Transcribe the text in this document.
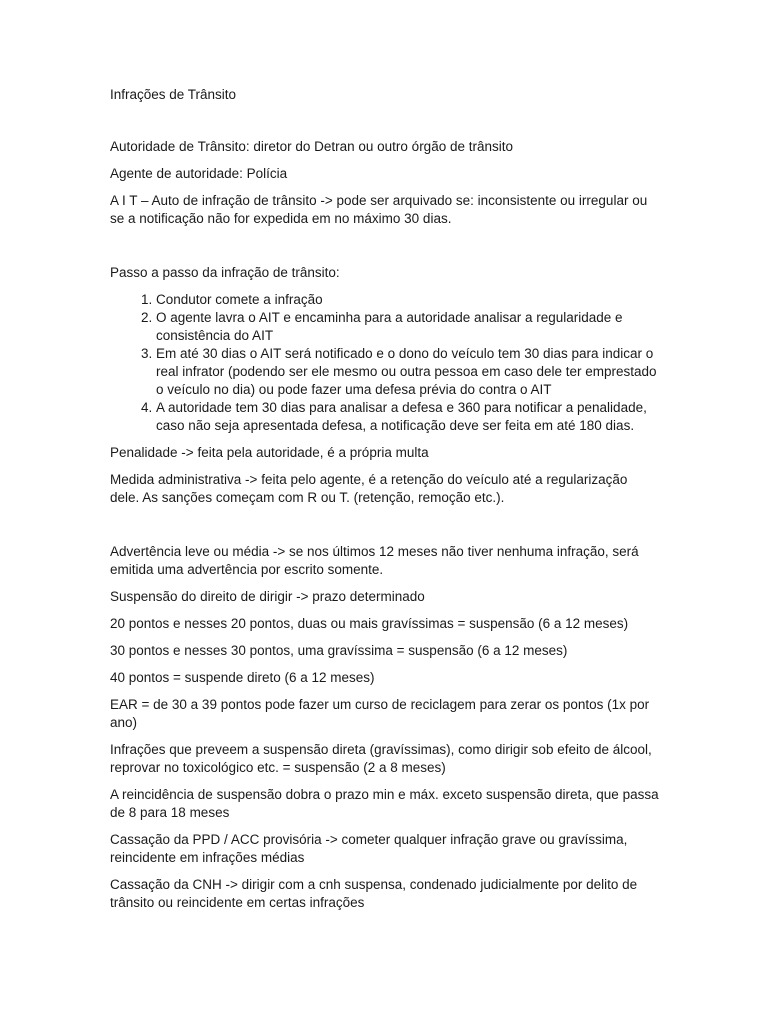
Infrações de Trânsito

Autoridade de Trânsito: diretor do Detran ou outro órgão de trânsito

Agente de autoridade: Polícia

A I T – Auto de infração de trânsito -> pode ser arquivado se: inconsistente ou irregular ou se a notificação não for expedida em no máximo 30 dias.

Passo a passo da infração de trânsito:

1. Condutor comete a infração
2. O agente lavra o AIT e encaminha para a autoridade analisar a regularidade e consistência do AIT
3. Em até 30 dias o AIT será notificado e o dono do veículo tem 30 dias para indicar o real infrator (podendo ser ele mesmo ou outra pessoa em caso dele ter emprestado o veículo no dia) ou pode fazer uma defesa prévia do contra o AIT
4. A autoridade tem 30 dias para analisar a defesa e 360 para notificar a penalidade, caso não seja apresentada defesa, a notificação deve ser feita em até 180 dias.

Penalidade -> feita pela autoridade, é a própria multa

Medida administrativa -> feita pelo agente, é a retenção do veículo até a regularização dele. As sanções começam com R ou T. (retenção, remoção etc.).

Advertência leve ou média -> se nos últimos 12 meses não tiver nenhuma infração, será emitida uma advertência por escrito somente.

Suspensão do direito de dirigir -> prazo determinado

20 pontos e nesses 20 pontos, duas ou mais gravíssimas = suspensão (6 a 12 meses)

30 pontos e nesses 30 pontos, uma gravíssima = suspensão (6 a 12 meses)

40 pontos = suspende direto (6 a 12 meses)

EAR = de 30 a 39 pontos pode fazer um curso de reciclagem para zerar os pontos (1x por ano)

Infrações que preveem a suspensão direta (gravíssimas), como dirigir sob efeito de álcool, reprovar no toxicológico etc. = suspensão (2 a 8 meses)

A reincidência de suspensão dobra o prazo min e máx. exceto suspensão direta, que passa de 8 para 18 meses

Cassação da PPD / ACC provisória -> cometer qualquer infração grave ou gravíssima, reincidente em infrações médias

Cassação da CNH -> dirigir com a cnh suspensa, condenado judicialmente por delito de trânsito ou reincidente em certas infrações
